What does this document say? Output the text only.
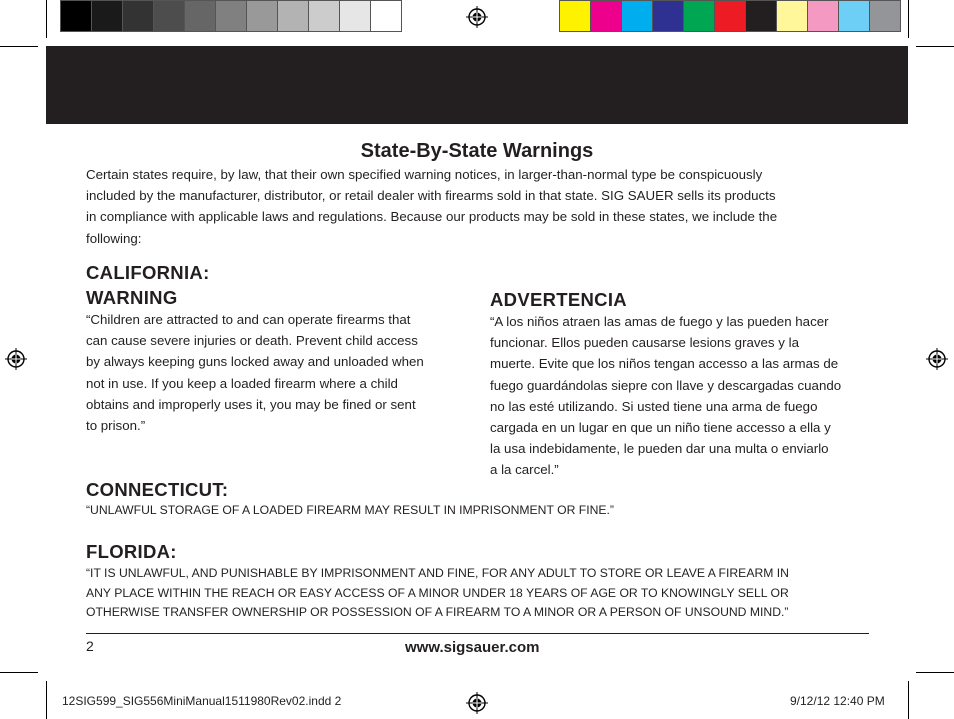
State-By-State Warnings
Certain states require, by law, that their own specified warning notices, in larger-than-normal type be conspicuously
included by the manufacturer, distributor, or retail dealer with firearms sold in that state. SIG SAUER sells its products
in compliance with applicable laws and regulations. Because our products may be sold in these states, we include the
following:
CALIFORNIA:
WARNING
“Children are attracted to and can operate firearms that
can cause severe injuries or death. Prevent child access
by always keeping guns locked away and unloaded when
not in use. If you keep a loaded firearm where a child
obtains and improperly uses it, you may be fined or sent
to prison.”
ADVERTENCIA
“A los niños atraen las amas de fuego y las pueden hacer
funcionar. Ellos pueden causarse lesions graves y la
muerte. Evite que los niños tengan accesso a las armas de
fuego guardándolas siepre con llave y descargadas cuando
no las esté utilizando. Si usted tiene una arma de fuego
cargada en un lugar en que un niño tiene accesso a ella y
la usa indebidamente, le pueden dar una multa o enviarlo
a la carcel.”
CONNECTICUT:
“UNLAWFUL STORAGE OF A LOADED FIREARM MAY RESULT IN IMPRISONMENT OR FINE.”
FLORIDA:
“IT IS UNLAWFUL, AND PUNISHABLE BY IMPRISONMENT AND FINE, FOR ANY ADULT TO STORE OR LEAVE A FIREARM IN
ANY PLACE WITHIN THE REACH OR EASY ACCESS OF A MINOR UNDER 18 YEARS OF AGE OR TO KNOWINGLY SELL OR
OTHERWISE TRANSFER OWNERSHIP OR POSSESSION OF A FIREARM TO A MINOR OR A PERSON OF UNSOUND MIND.”
2	www.sigsauer.com
12SIG599_SIG556MiniManual1511980Rev02.indd 2	9/12/12 12:40 PM
